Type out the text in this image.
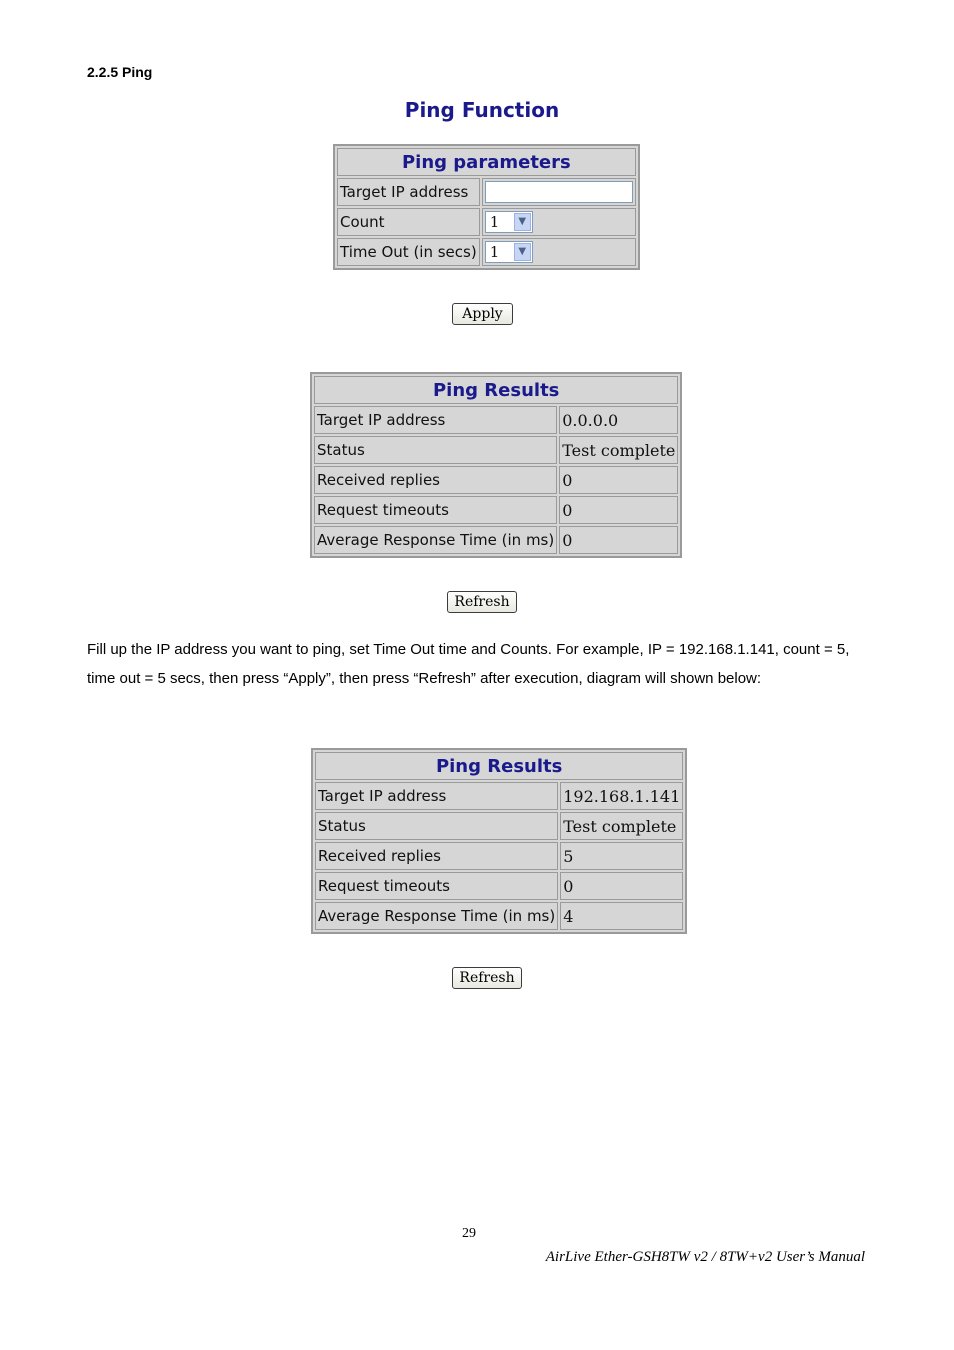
2.2.5 Ping
Ping Function
Ping parameters	
Target IP address	

Count	1 ▼

Time Out (in secs)	1 ▼
Apply
Ping Results	
Target IP address	0.0.0.0
Status	Test complete
Received replies	0
Request timeouts	0
Average Response Time (in ms)	0
Refresh
Fill up the IP address you want to ping, set Time Out time and Counts. For example, IP = 192.168.1.141, count = 5, time out = 5 secs, then press “Apply”, then press “Refresh” after execution, diagram will shown below:
Ping Results	
Target IP address	192.168.1.141
Status	Test complete
Received replies	5
Request timeouts	0
Average Response Time (in ms)	4
Refresh
29
AirLive Ether-GSH8TW v2 / 8TW+v2 User’s Manual
